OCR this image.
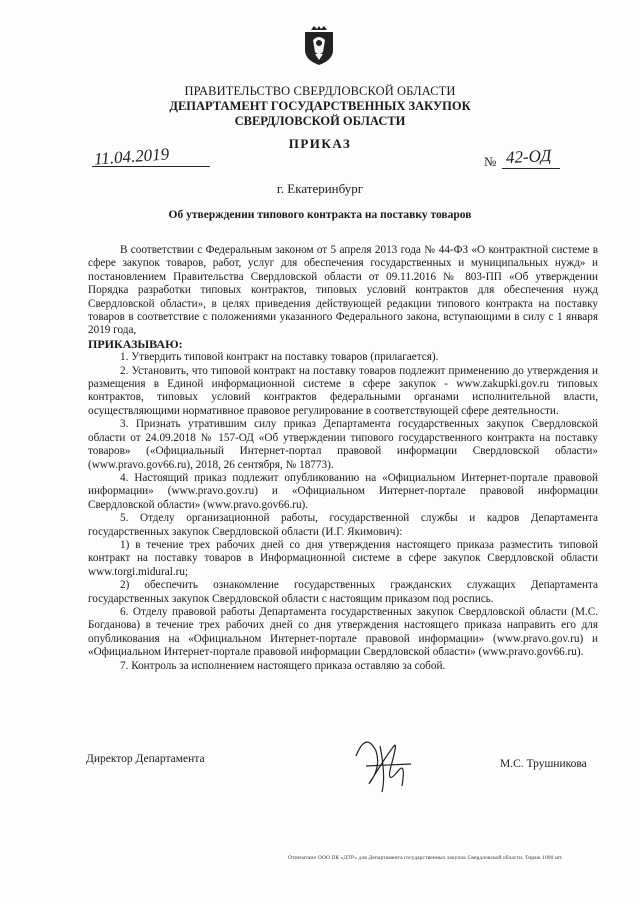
ПРАВИТЕЛЬСТВО СВЕРДЛОВСКОЙ ОБЛАСТИ
ДЕПАРТАМЕНТ ГОСУДАРСТВЕННЫХ ЗАКУПОК
СВЕРДЛОВСКОЙ ОБЛАСТИ
ПРИКАЗ
11.04.2019	№ 42-ОД
г. Екатеринбург
Об утверждении типового контракта на поставку товаров

В соответствии с Федеральным законом от 5 апреля 2013 года № 44-ФЗ «О контрактной системе в сфере закупок товаров, работ, услуг для обеспечения государственных и муниципальных нужд» и постановлением Правительства Свердловской области от 09.11.2016 № 803-ПП «Об утверждении Порядка разработки типовых контрактов, типовых условий контрактов для обеспечения нужд Свердловской области», в целях приведения действующей редакции типового контракта на поставку товаров в соответствие с положениями указанного Федерального закона, вступающими в силу с 1 января 2019 года,

ПРИКАЗЫВАЮ:

1. Утвердить типовой контракт на поставку товаров (прилагается).

2. Установить, что типовой контракт на поставку товаров подлежит применению до утверждения и размещения в Единой информационной системе в сфере закупок - www.zakupki.gov.ru типовых контрактов, типовых условий контрактов федеральными органами исполнительной власти, осуществляющими нормативное правовое регулирование в соответствующей сфере деятельности.

3. Признать утратившим силу приказ Департамента государственных закупок Свердловской области от 24.09.2018 № 157-ОД «Об утверждении типового государственного контракта на поставку товаров» («Официальный Интернет-портал правовой информации Свердловской области» (www.pravo.gov66.ru), 2018, 26 сентября, № 18773).

4. Настоящий приказ подлежит опубликованию на «Официальном Интернет-портале правовой информации» (www.pravo.gov.ru) и «Официальном Интернет-портале правовой информации Свердловской области» (www.pravo.gov66.ru).

5. Отделу организационной работы, государственной службы и кадров Департамента государственных закупок Свердловской области (И.Г. Якимович):

1) в течение трех рабочих дней со дня утверждения настоящего приказа разместить типовой контракт на поставку товаров в Информационной системе в сфере закупок Свердловской области www.torgi.midural.ru;

2) обеспечить ознакомление государственных гражданских служащих Департамента государственных закупок Свердловской области с настоящим приказом под роспись.

6. Отделу правовой работы Департамента государственных закупок Свердловской области (М.С. Богданова) в течение трех рабочих дней со дня утверждения настоящего приказа направить его для опубликования на «Официальном Интернет-портале правовой информации» (www.pravo.gov.ru) и «Официальном Интернет-портале правовой информации Свердловской области» (www.pravo.gov66.ru).

7. Контроль за исполнением настоящего приказа оставляю за собой.

Директор Департамента	М.С. Трушникова
Отпечатано ООО ПК «ДТР» для Департамента государственных закупок Свердловской области. Тираж 1000 шт.
